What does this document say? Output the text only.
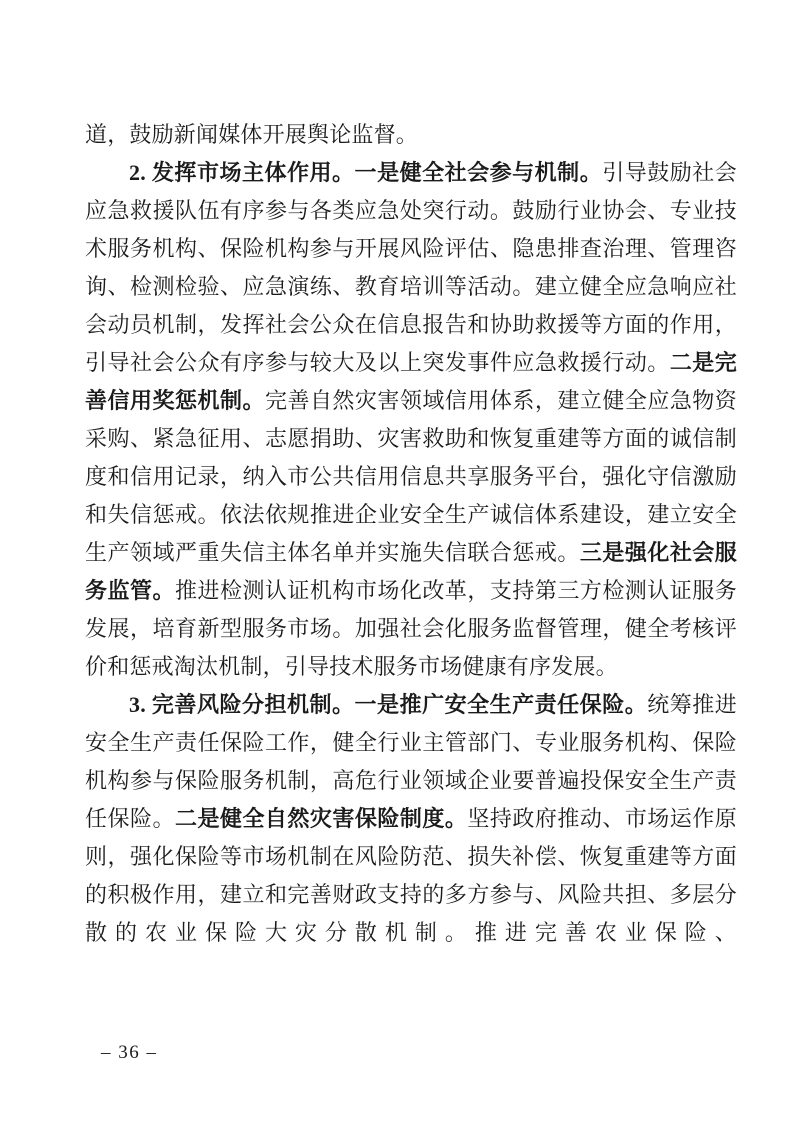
道，鼓励新闻媒体开展舆论监督。

2. 发挥市场主体作用。一是健全社会参与机制。引导鼓励社会应急救援队伍有序参与各类应急处突行动。鼓励行业协会、专业技术服务机构、保险机构参与开展风险评估、隐患排查治理、管理咨询、检测检验、应急演练、教育培训等活动。建立健全应急响应社会动员机制，发挥社会公众在信息报告和协助救援等方面的作用，引导社会公众有序参与较大及以上突发事件应急救援行动。二是完善信用奖惩机制。完善自然灾害领域信用体系，建立健全应急物资采购、紧急征用、志愿捐助、灾害救助和恢复重建等方面的诚信制度和信用记录，纳入市公共信用信息共享服务平台，强化守信激励和失信惩戒。依法依规推进企业安全生产诚信体系建设，建立安全生产领域严重失信主体名单并实施失信联合惩戒。三是强化社会服务监管。推进检测认证机构市场化改革，支持第三方检测认证服务发展，培育新型服务市场。加强社会化服务监督管理，健全考核评价和惩戒淘汰机制，引导技术服务市场健康有序发展。

3. 完善风险分担机制。一是推广安全生产责任保险。统筹推进安全生产责任保险工作，健全行业主管部门、专业服务机构、保险机构参与保险服务机制，高危行业领域企业要普遍投保安全生产责任保险。二是健全自然灾害保险制度。坚持政府推动、市场运作原则，强化保险等市场机制在风险防范、损失补偿、恢复重建等方面的积极作用，建立和完善财政支持的多方参与、风险共担、多层分散的农业保险大灾分散机制。推进完善农业保险、

– 36 –
